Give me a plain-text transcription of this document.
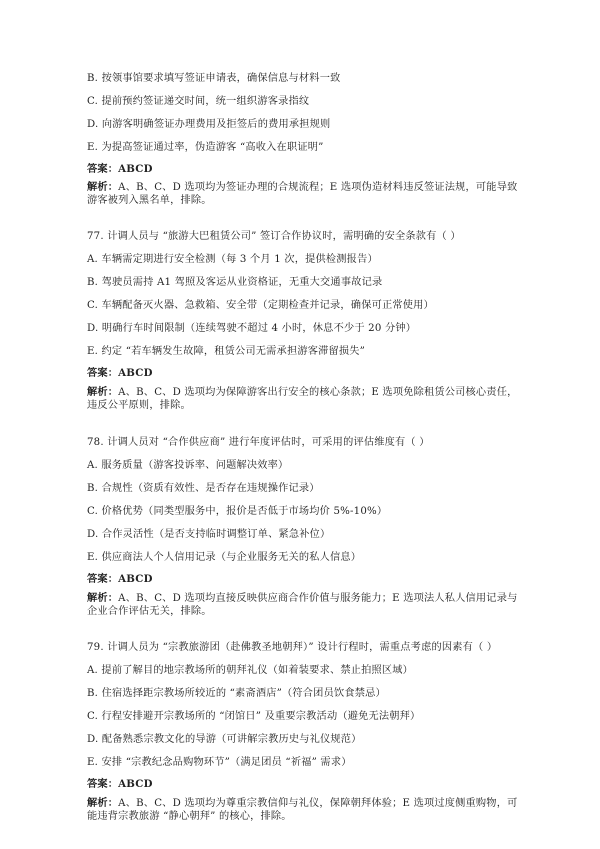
B. 按领事馆要求填写签证申请表，确保信息与材料一致
C. 提前预约签证递交时间，统一组织游客录指纹
D. 向游客明确签证办理费用及拒签后的费用承担规则
E. 为提高签证通过率，伪造游客 “高收入在职证明”
答案：ABCD
解析：A、B、C、D 选项均为签证办理的合规流程；E 选项伪造材料违反签证法规，可能导致游客被列入黑名单，排除。
77. 计调人员与 “旅游大巴租赁公司” 签订合作协议时，需明确的安全条款有（ ）
A. 车辆需定期进行安全检测（每 3 个月 1 次，提供检测报告）
B. 驾驶员需持 A1 驾照及客运从业资格证，无重大交通事故记录
C. 车辆配备灭火器、急救箱、安全带（定期检查并记录，确保可正常使用）
D. 明确行车时间限制（连续驾驶不超过 4 小时，休息不少于 20 分钟）
E. 约定 “若车辆发生故障，租赁公司无需承担游客滞留损失”
答案：ABCD
解析：A、B、C、D 选项均为保障游客出行安全的核心条款；E 选项免除租赁公司核心责任，违反公平原则，排除。
78. 计调人员对 “合作供应商” 进行年度评估时，可采用的评估维度有（ ）
A. 服务质量（游客投诉率、问题解决效率）
B. 合规性（资质有效性、是否存在违规操作记录）
C. 价格优势（同类型服务中，报价是否低于市场均价 5%-10%）
D. 合作灵活性（是否支持临时调整订单、紧急补位）
E. 供应商法人个人信用记录（与企业服务无关的私人信息）
答案：ABCD
解析：A、B、C、D 选项均直接反映供应商合作价值与服务能力；E 选项法人私人信用记录与企业合作评估无关，排除。
79. 计调人员为 “宗教旅游团（赴佛教圣地朝拜）” 设计行程时，需重点考虑的因素有（ ）
A. 提前了解目的地宗教场所的朝拜礼仪（如着装要求、禁止拍照区域）
B. 住宿选择距宗教场所较近的 “素斋酒店”（符合团员饮食禁忌）
C. 行程安排避开宗教场所的 “闭馆日” 及重要宗教活动（避免无法朝拜）
D. 配备熟悉宗教文化的导游（可讲解宗教历史与礼仪规范）
E. 安排 “宗教纪念品购物环节”（满足团员 “祈福” 需求）
答案：ABCD
解析：A、B、C、D 选项均为尊重宗教信仰与礼仪，保障朝拜体验；E 选项过度侧重购物，可能违背宗教旅游 “静心朝拜” 的核心，排除。
